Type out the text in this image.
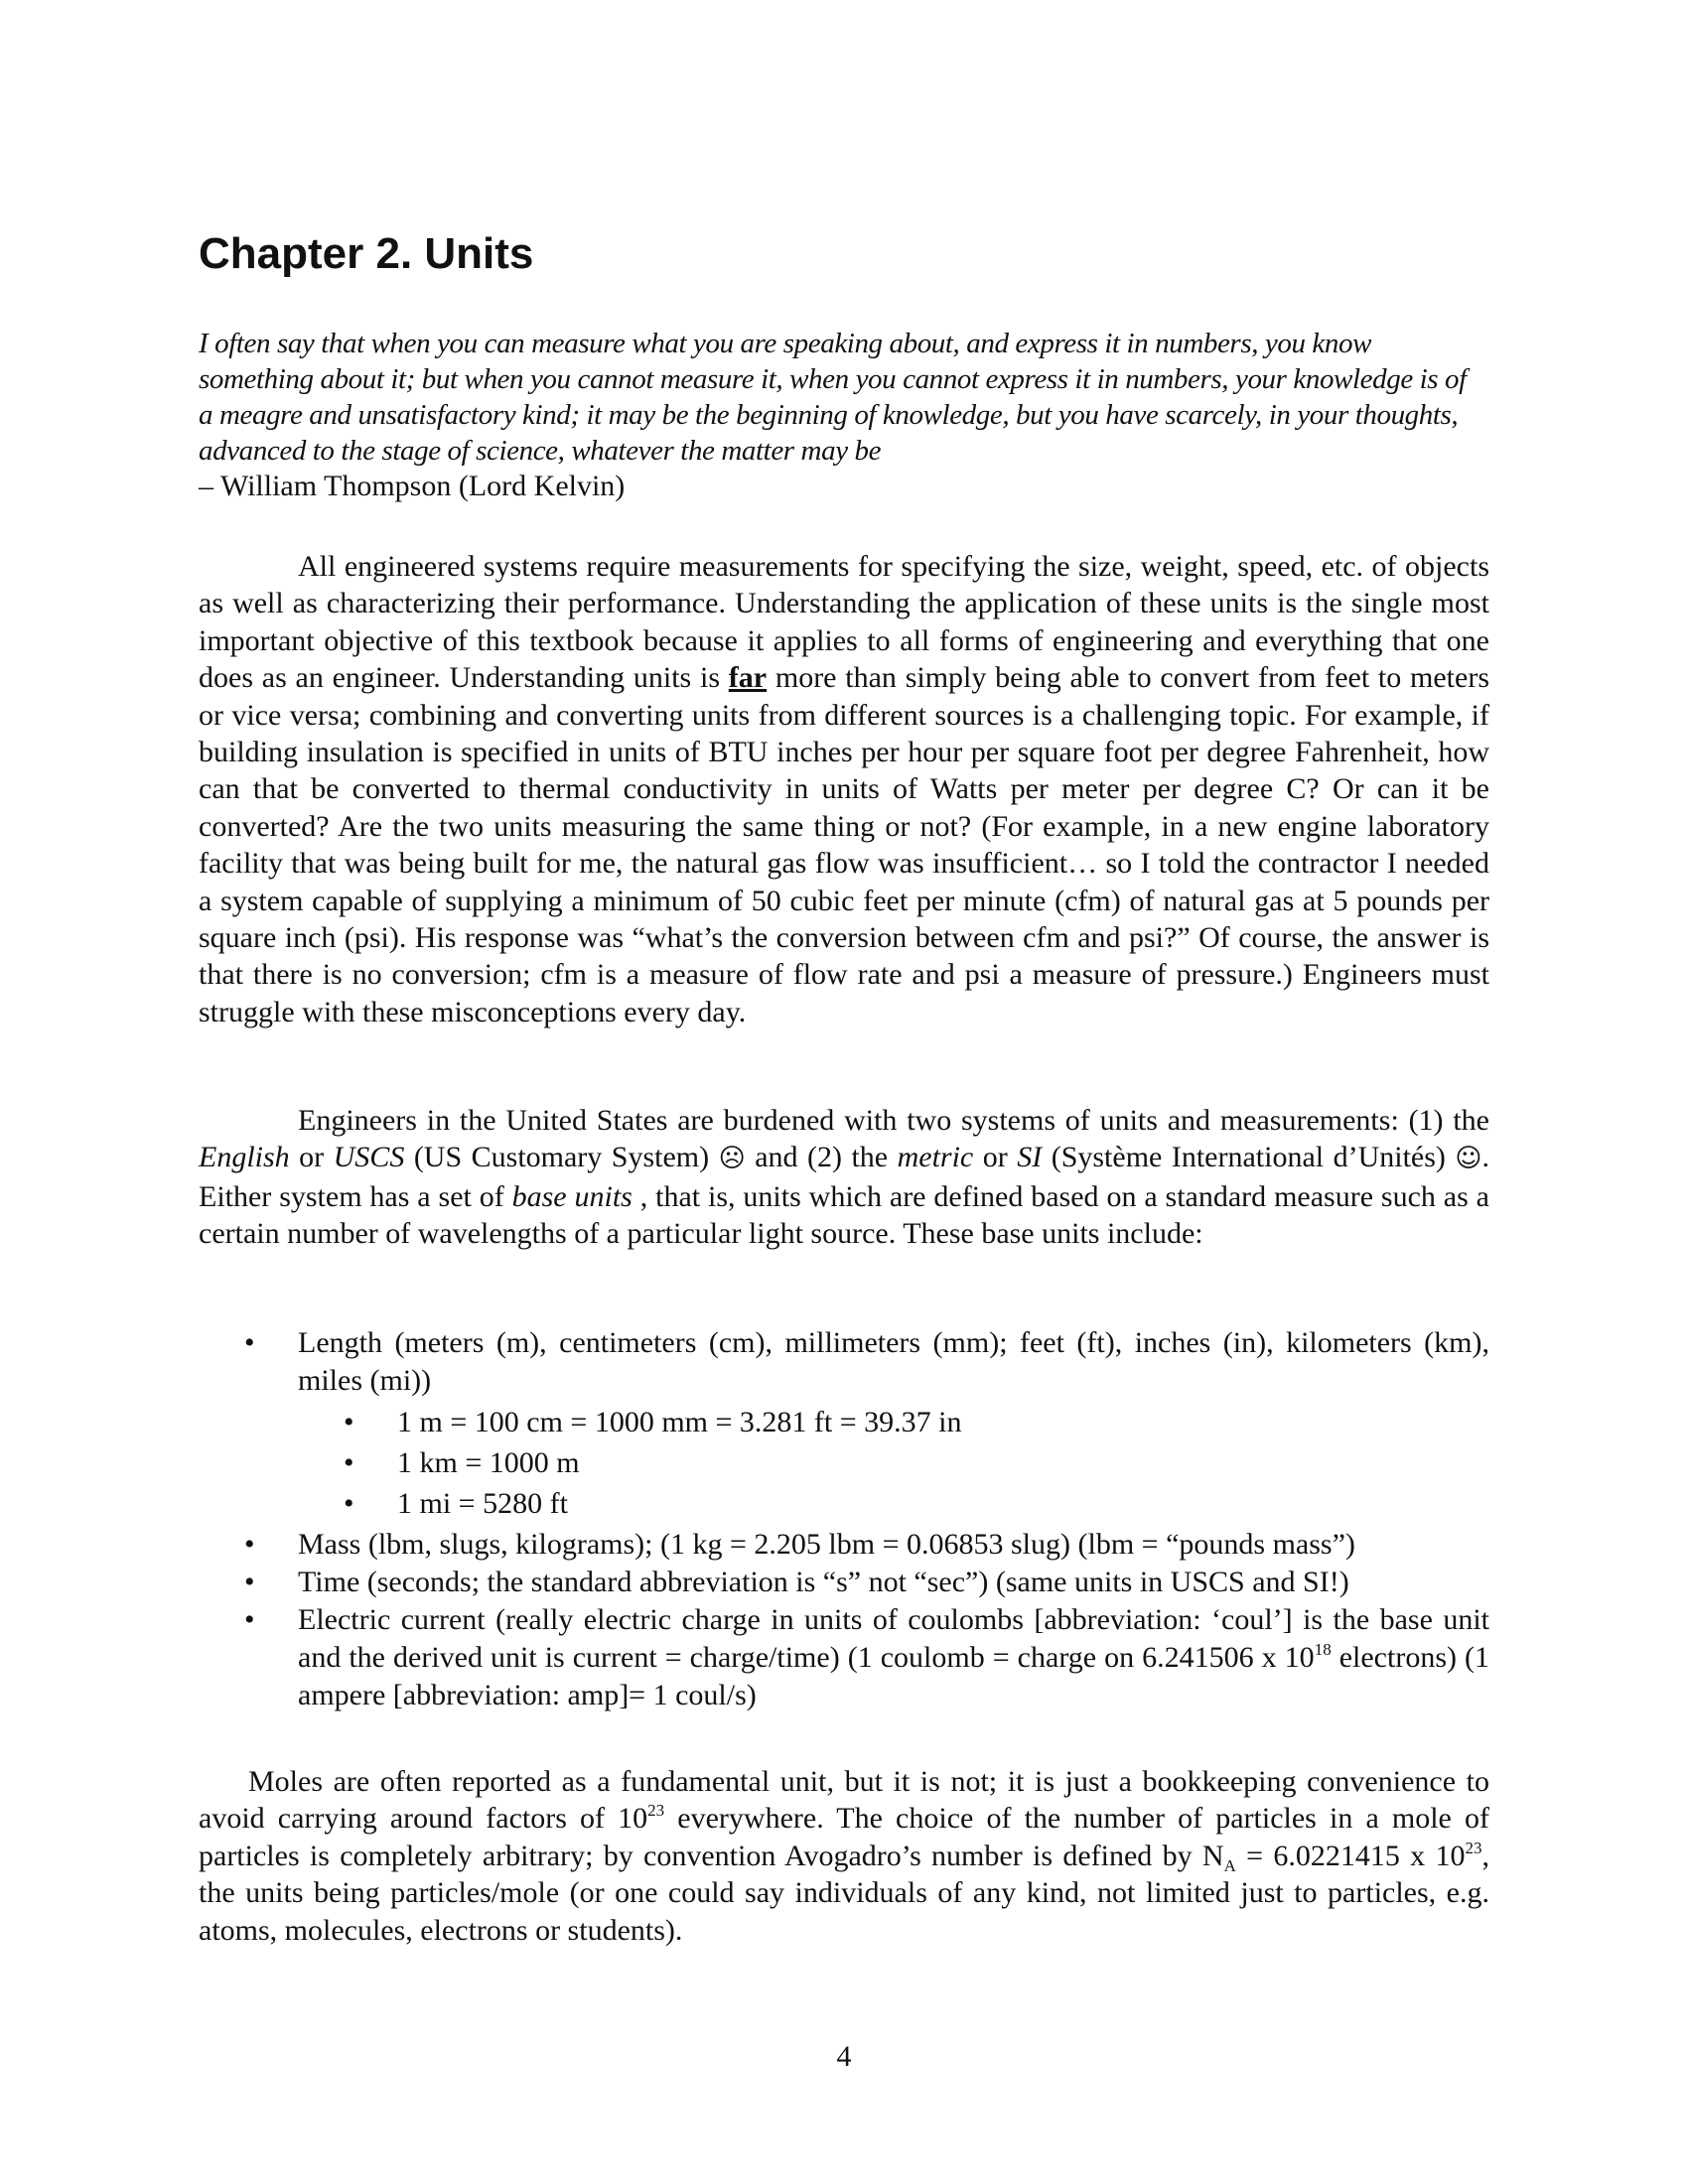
Chapter 2. Units
I often say that when you can measure what you are speaking about, and express it in numbers, you know something about it; but when you cannot measure it, when you cannot express it in numbers, your knowledge is of a meagre and unsatisfactory kind; it may be the beginning of knowledge, but you have scarcely, in your thoughts, advanced to the stage of science, whatever the matter may be
– William Thompson (Lord Kelvin)

All engineered systems require measurements for specifying the size, weight, speed, etc. of objects as well as characterizing their performance. Understanding the application of these units is the single most important objective of this textbook because it applies to all forms of engineering and everything that one does as an engineer. Understanding units is far more than simply being able to convert from feet to meters or vice versa; combining and converting units from different sources is a challenging topic. For example, if building insulation is specified in units of BTU inches per hour per square foot per degree Fahrenheit, how can that be converted to thermal conductivity in units of Watts per meter per degree C? Or can it be converted? Are the two units measuring the same thing or not? (For example, in a new engine laboratory facility that was being built for me, the natural gas flow was insufficient… so I told the contractor I needed a system capable of supplying a minimum of 50 cubic feet per minute (cfm) of natural gas at 5 pounds per square inch (psi). His response was “what’s the conversion between cfm and psi?” Of course, the answer is that there is no conversion; cfm is a measure of flow rate and psi a measure of pressure.) Engineers must struggle with these misconceptions every day.

Engineers in the United States are burdened with two systems of units and measurements: (1) the English or USCS (US Customary System) ☹ and (2) the metric or SI (Système International d’Unités) ☺. Either system has a set of base units , that is, units which are defined based on a standard measure such as a certain number of wavelengths of a particular light source. These base units include:

• Length (meters (m), centimeters (cm), millimeters (mm); feet (ft), inches (in), kilometers (km), miles (mi))
• 1 m = 100 cm = 1000 mm = 3.281 ft = 39.37 in
• 1 km = 1000 m
• 1 mi = 5280 ft
• Mass (lbm, slugs, kilograms); (1 kg = 2.205 lbm = 0.06853 slug) (lbm = “pounds mass”)
• Time (seconds; the standard abbreviation is “s” not “sec”) (same units in USCS and SI!)
• Electric current (really electric charge in units of coulombs [abbreviation: ‘coul’] is the base unit and the derived unit is current = charge/time) (1 coulomb = charge on 6.241506 x $10^{18}$ electrons) (1 ampere [abbreviation: amp]= 1 coul/s)

Moles are often reported as a fundamental unit, but it is not; it is just a bookkeeping convenience to avoid carrying around factors of $10^{23}$ everywhere. The choice of the number of particles in a mole of particles is completely arbitrary; by convention Avogadro’s number is defined by $N_A = 6.0221415$ x $10^{23}$, the units being particles/mole (or one could say individuals of any kind, not limited just to particles, e.g. atoms, molecules, electrons or students).

4
